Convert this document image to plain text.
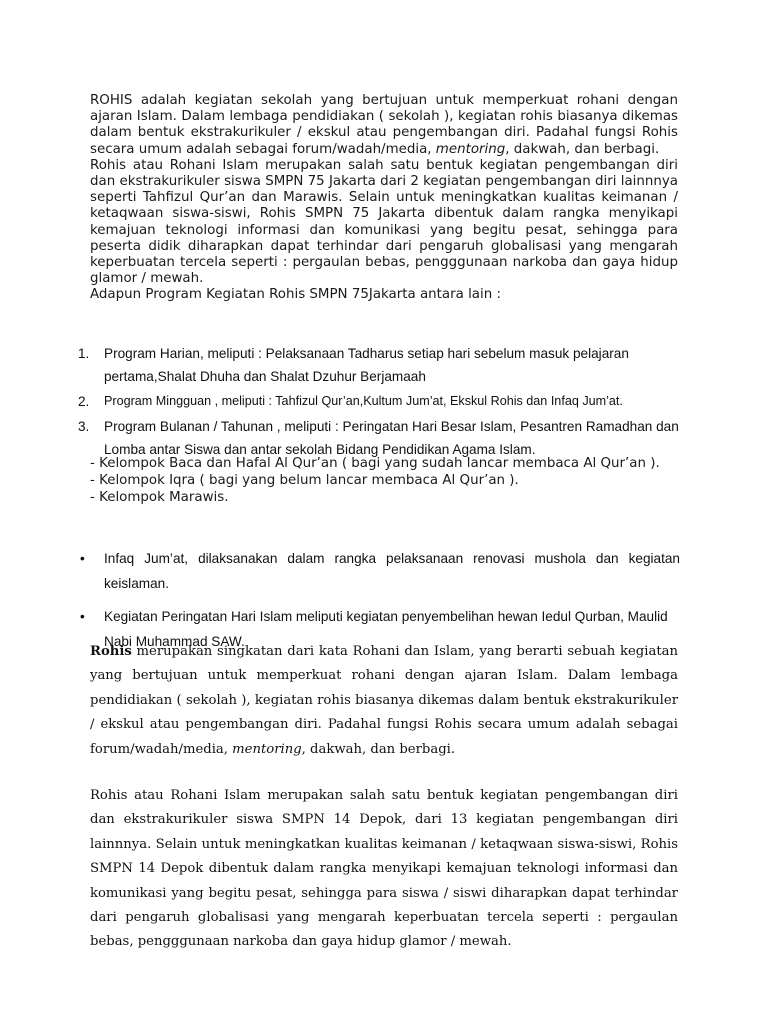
ROHIS adalah kegiatan sekolah yang bertujuan untuk memperkuat rohani dengan ajaran Islam. Dalam lembaga pendidiakan ( sekolah ), kegiatan rohis biasanya dikemas dalam bentuk ekstrakurikuler / ekskul atau pengembangan diri. Padahal fungsi Rohis secara umum adalah sebagai forum/wadah/media, mentoring, dakwah, dan berbagi.

Rohis atau Rohani Islam merupakan salah satu bentuk kegiatan pengembangan diri dan ekstrakurikuler siswa SMPN 75 Jakarta dari 2 kegiatan pengembangan diri lainnnya seperti Tahfizul Qur’an dan Marawis. Selain untuk meningkatkan kualitas keimanan / ketaqwaan siswa-siswi, Rohis SMPN 75 Jakarta dibentuk dalam rangka menyikapi kemajuan teknologi informasi dan komunikasi yang begitu pesat, sehingga para peserta didik diharapkan dapat terhindar dari pengaruh globalisasi yang mengarah keperbuatan tercela seperti : pergaulan bebas, pengggunaan narkoba dan gaya hidup glamor / mewah.

Adapun Program Kegiatan Rohis SMPN 75Jakarta antara lain :

1. Program Harian, meliputi : Pelaksanaan Tadharus setiap hari sebelum masuk pelajaran pertama,Shalat Dhuha dan Shalat Dzuhur Berjamaah
2. Program Mingguan , meliputi : Tahfizul Qur’an,Kultum Jum’at, Ekskul Rohis dan Infaq Jum’at.
3. Program Bulanan / Tahunan , meliputi : Peringatan Hari Besar Islam, Pesantren Ramadhan dan Lomba antar Siswa dan antar sekolah Bidang Pendidikan Agama Islam.
- Kelompok Baca dan Hafal Al Qur’an ( bagi yang sudah lancar membaca Al Qur’an ).
- Kelompok Iqra ( bagi yang belum lancar membaca Al Qur’an ).
- Kelompok Marawis.
• Infaq Jum’at, dilaksanakan dalam rangka pelaksanaan renovasi mushola dan kegiatan keislaman.
• Kegiatan Peringatan Hari Islam meliputi kegiatan penyembelihan hewan Iedul Qurban, Maulid Nabi Muhammad SAW.

Rohis merupakan singkatan dari kata Rohani dan Islam, yang berarti sebuah kegiatan yang bertujuan untuk memperkuat rohani dengan ajaran Islam. Dalam lembaga pendidiakan ( sekolah ), kegiatan rohis biasanya dikemas dalam bentuk ekstrakurikuler / ekskul atau pengembangan diri. Padahal fungsi Rohis secara umum adalah sebagai forum/wadah/media, mentoring, dakwah, dan berbagi.

Rohis atau Rohani Islam merupakan salah satu bentuk kegiatan pengembangan diri dan ekstrakurikuler siswa SMPN 14 Depok, dari 13 kegiatan pengembangan diri lainnnya. Selain untuk meningkatkan kualitas keimanan / ketaqwaan siswa-siswi, Rohis SMPN 14 Depok dibentuk dalam rangka menyikapi kemajuan teknologi informasi dan komunikasi yang begitu pesat, sehingga para siswa / siswi diharapkan dapat terhindar dari pengaruh globalisasi yang mengarah keperbuatan tercela seperti : pergaulan bebas, pengggunaan narkoba dan gaya hidup glamor / mewah.
